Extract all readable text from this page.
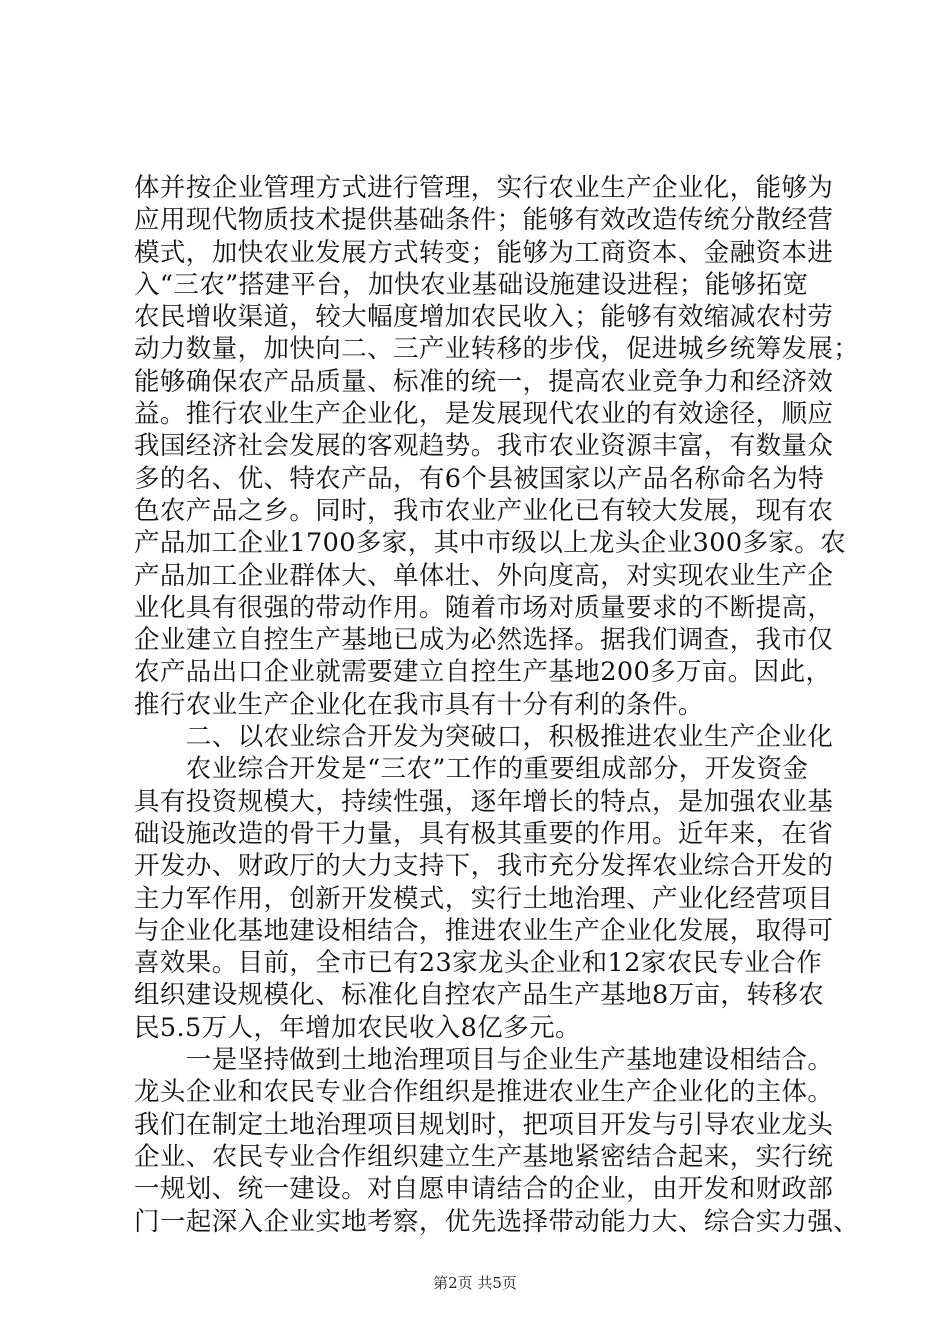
体并按企业管理方式进行管理，实行农业生产企业化，能够为
应用现代物质技术提供基础条件；能够有效改造传统分散经营
模式，加快农业发展方式转变；能够为工商资本、金融资本进
入“三农”搭建平台，加快农业基础设施建设进程；能够拓宽
农民增收渠道，较大幅度增加农民收入；能够有效缩减农村劳
动力数量，加快向二、三产业转移的步伐，促进城乡统筹发展；
能够确保农产品质量、标准的统一，提高农业竞争力和经济效
益。推行农业生产企业化，是发展现代农业的有效途径，顺应
我国经济社会发展的客观趋势。我市农业资源丰富，有数量众
多的名、优、特农产品，有6个县被国家以产品名称命名为特
色农产品之乡。同时，我市农业产业化已有较大发展，现有农
产品加工企业1700多家，其中市级以上龙头企业300多家。农
产品加工企业群体大、单体壮、外向度高，对实现农业生产企
业化具有很强的带动作用。随着市场对质量要求的不断提高，
企业建立自控生产基地已成为必然选择。据我们调查，我市仅
农产品出口企业就需要建立自控生产基地200多万亩。因此，
推行农业生产企业化在我市具有十分有利的条件。
　　二、以农业综合开发为突破口，积极推进农业生产企业化
　　农业综合开发是“三农”工作的重要组成部分，开发资金
具有投资规模大，持续性强，逐年增长的特点，是加强农业基
础设施改造的骨干力量，具有极其重要的作用。近年来，在省
开发办、财政厅的大力支持下，我市充分发挥农业综合开发的
主力军作用，创新开发模式，实行土地治理、产业化经营项目
与企业化基地建设相结合，推进农业生产企业化发展，取得可
喜效果。目前，全市已有23家龙头企业和12家农民专业合作
组织建设规模化、标准化自控农产品生产基地8万亩，转移农
民5.5万人，年增加农民收入8亿多元。
　　一是坚持做到土地治理项目与企业生产基地建设相结合。
龙头企业和农民专业合作组织是推进农业生产企业化的主体。
我们在制定土地治理项目规划时，把项目开发与引导农业龙头
企业、农民专业合作组织建立生产基地紧密结合起来，实行统
一规划、统一建设。对自愿申请结合的企业，由开发和财政部
门一起深入企业实地考察，优先选择带动能力大、综合实力强、
第2页 共5页
